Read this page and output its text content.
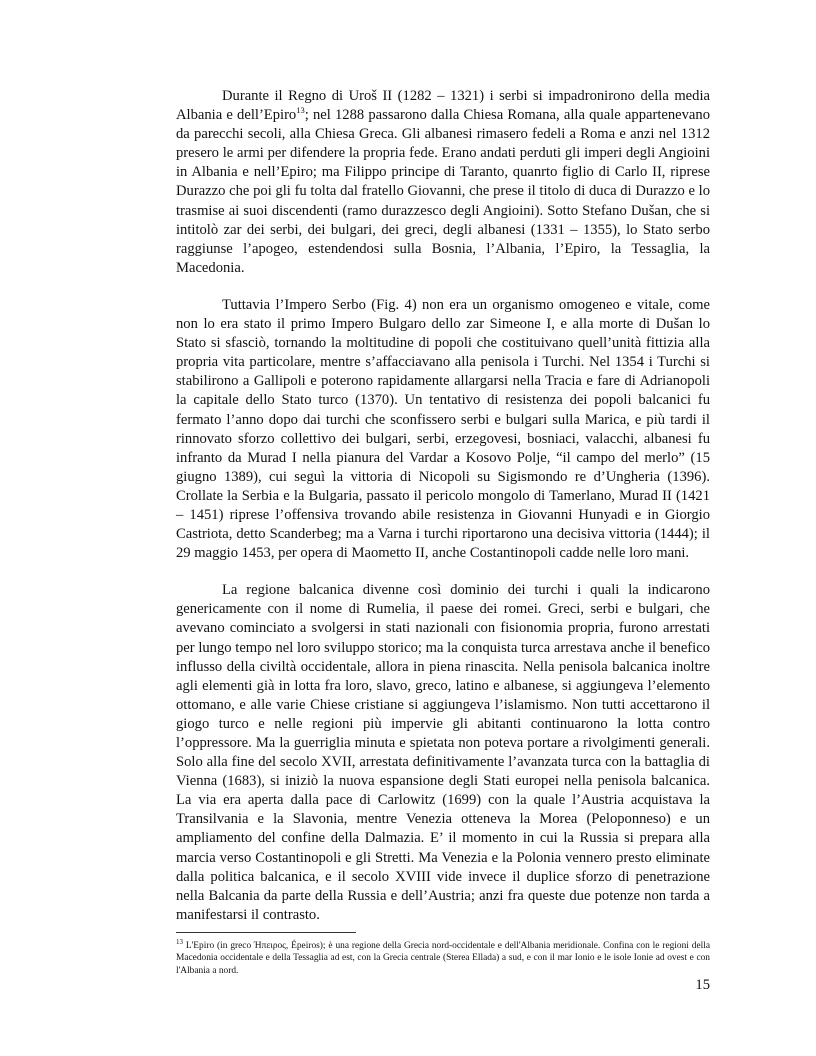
Durante il Regno di Uroš II (1282 – 1321) i serbi si impadronirono della media Albania e dell’Epiro$^{13}$; nel 1288 passarono dalla Chiesa Romana, alla quale appartenevano da parecchi secoli, alla Chiesa Greca. Gli albanesi rimasero fedeli a Roma e anzi nel 1312 presero le armi per difendere la propria fede. Erano andati perduti gli imperi degli Angioini in Albania e nell’Epiro; ma Filippo principe di Taranto, quanrto figlio di Carlo II, riprese Durazzo che poi gli fu tolta dal fratello Giovanni, che prese il titolo di duca di Durazzo e lo trasmise ai suoi discendenti (ramo durazzesco degli Angioini). Sotto Stefano Dušan, che si intitolò zar dei serbi, dei bulgari, dei greci, degli albanesi (1331 – 1355), lo Stato serbo raggiunse l’apogeo, estendendosi sulla Bosnia, l’Albania, l’Epiro, la Tessaglia, la Macedonia.

Tuttavia l’Impero Serbo (Fig. 4) non era un organismo omogeneo e vitale, come non lo era stato il primo Impero Bulgaro dello zar Simeone I, e alla morte di Dušan lo Stato si sfasciò, tornando la moltitudine di popoli che costituivano quell’unità fittizia alla propria vita particolare, mentre s’affacciavano alla penisola i Turchi. Nel 1354 i Turchi si stabilirono a Gallipoli e poterono rapidamente allargarsi nella Tracia e fare di Adrianopoli la capitale dello Stato turco (1370). Un tentativo di resistenza dei popoli balcanici fu fermato l’anno dopo dai turchi che sconfissero serbi e bulgari sulla Marica, e più tardi il rinnovato sforzo collettivo dei bulgari, serbi, erzegovesi, bosniaci, valacchi, albanesi fu infranto da Murad I nella pianura del Vardar a Kosovo Polje, “il campo del merlo” (15 giugno 1389), cui seguì la vittoria di Nicopoli su Sigismondo re d’Ungheria (1396). Crollate la Serbia e la Bulgaria, passato il pericolo mongolo di Tamerlano, Murad II (1421 – 1451) riprese l’offensiva trovando abile resistenza in Giovanni Hunyadi e in Giorgio Castriota, detto Scanderbeg; ma a Varna i turchi riportarono una decisiva vittoria (1444); il 29 maggio 1453, per opera di Maometto II, anche Costantinopoli cadde nelle loro mani.

La regione balcanica divenne così dominio dei turchi i quali la indicarono genericamente con il nome di Rumelia, il paese dei romei. Greci, serbi e bulgari, che avevano cominciato a svolgersi in stati nazionali con fisionomia propria, furono arrestati per lungo tempo nel loro sviluppo storico; ma la conquista turca arrestava anche il benefico influsso della civiltà occidentale, allora in piena rinascita. Nella penisola balcanica inoltre agli elementi già in lotta fra loro, slavo, greco, latino e albanese, si aggiungeva l’elemento ottomano, e alle varie Chiese cristiane si aggiungeva l’islamismo. Non tutti accettarono il giogo turco e nelle regioni più impervie gli abitanti continuarono la lotta contro l’oppressore. Ma la guerriglia minuta e spietata non poteva portare a rivolgimenti generali. Solo alla fine del secolo XVII, arrestata definitivamente l’avanzata turca con la battaglia di Vienna (1683), si iniziò la nuova espansione degli Stati europei nella penisola balcanica. La via era aperta dalla pace di Carlowitz (1699) con la quale l’Austria acquistava la Transilvania e la Slavonia, mentre Venezia otteneva la Morea (Peloponneso) e un ampliamento del confine della Dalmazia. E’ il momento in cui la Russia si prepara alla marcia verso Costantinopoli e gli Stretti. Ma Venezia e la Polonia vennero presto eliminate dalla politica balcanica, e il secolo XVIII vide invece il duplice sforzo di penetrazione nella Balcania da parte della Russia e dell’Austria; anzi fra queste due potenze non tarda a manifestarsi il contrasto.

$^{13}$ L'Epiro (in greco Ήπειρος, Épeiros); è una regione della Grecia nord-occidentale e dell'Albania meridionale. Confina con le regioni della Macedonia occidentale e della Tessaglia ad est, con la Grecia centrale (Sterea Ellada) a sud, e con il mar Ionio e le isole Ionie ad ovest e con l'Albania a nord.

15
